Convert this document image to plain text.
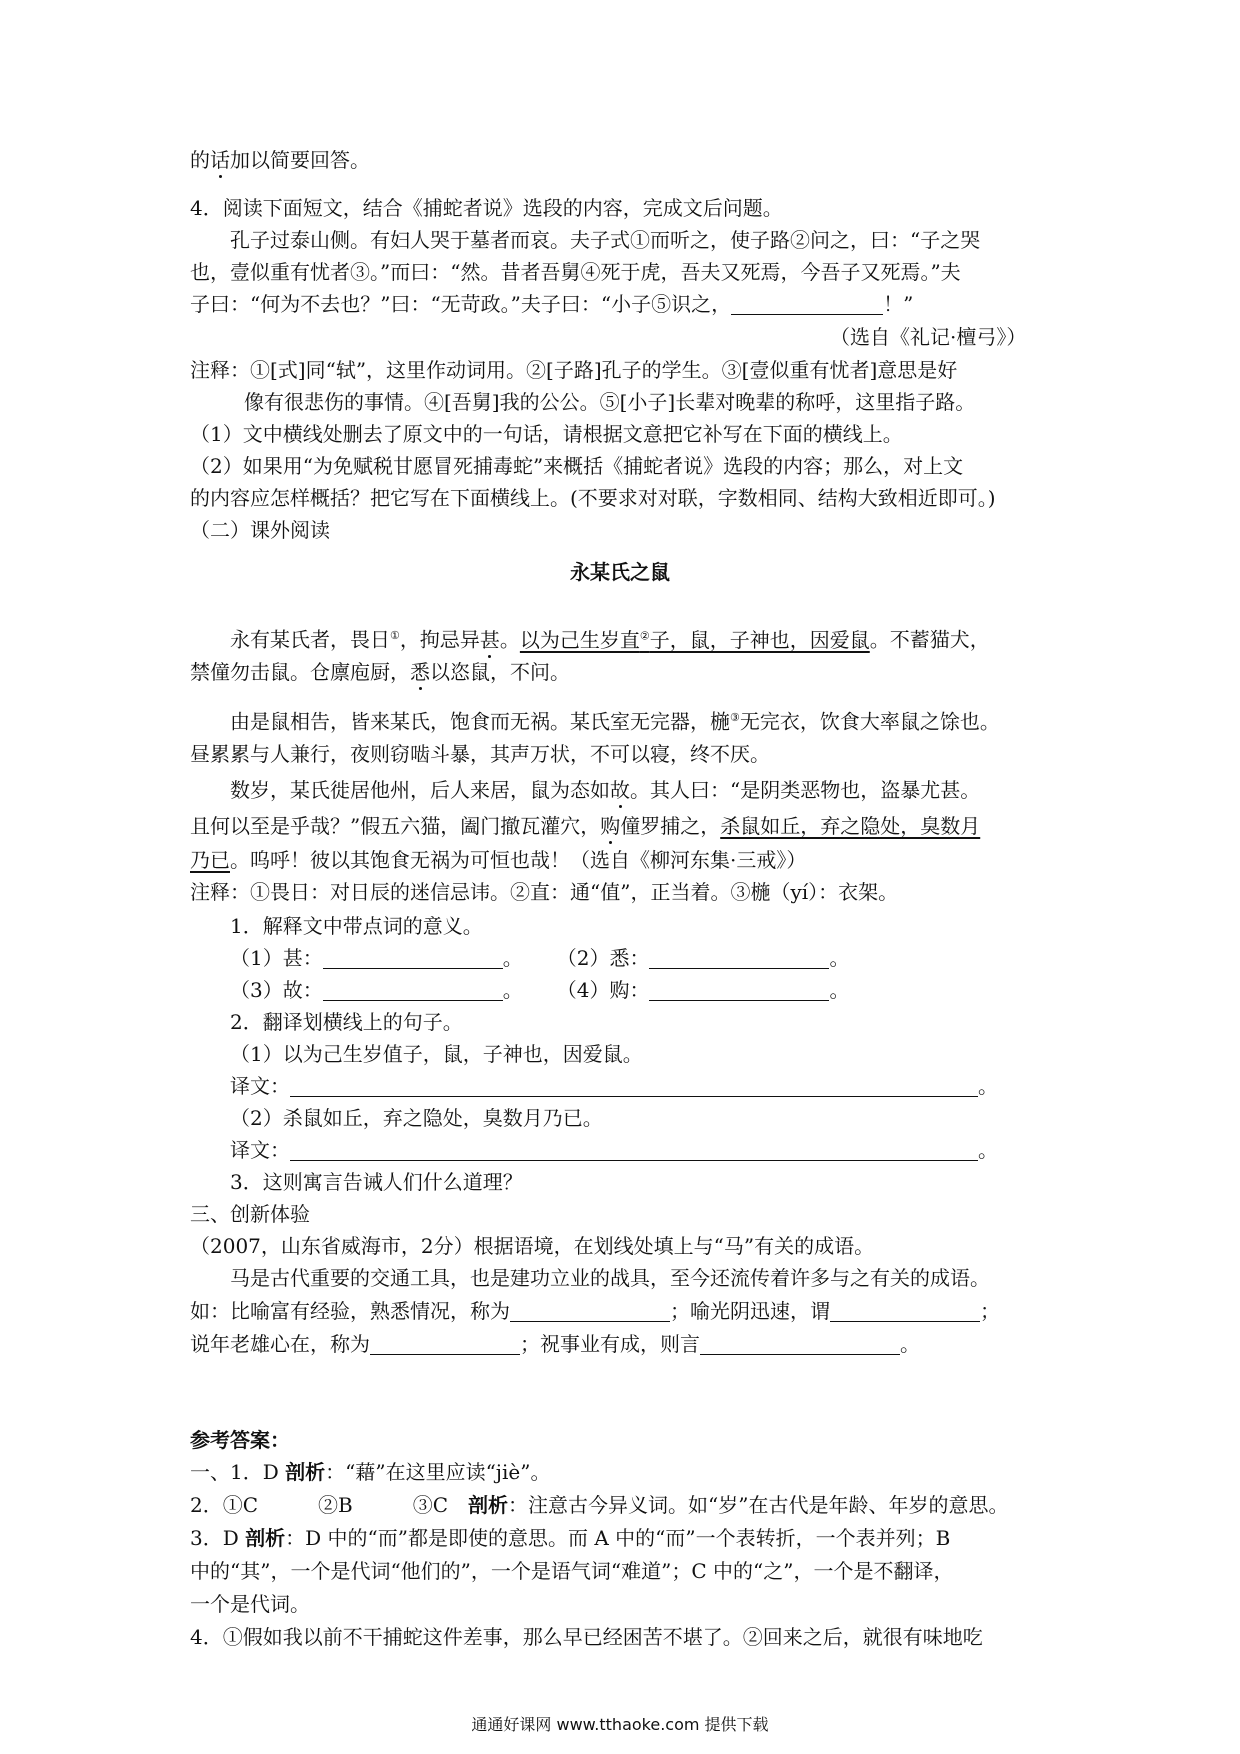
的话加以简要回答。
4．阅读下面短文，结合《捕蛇者说》选段的内容，完成文后问题。
孔子过泰山侧。有妇人哭于墓者而哀。夫子式①而听之，使子路②问之，曰：“子之哭
也，壹似重有忧者③。”而曰：“然。昔者吾舅④死于虎，吾夫又死焉，今吾子又死焉。”夫
子曰：“何为不去也？”曰：“无苛政。”夫子曰：“小子⑤识之，	！”
（选自《礼记·檀弓》）
注释：①[式]同“轼”，这里作动词用。②[子路]孔子的学生。③[壹似重有忧者]意思是好
像有很悲伤的事情。④[吾舅]我的公公。⑤[小子]长辈对晚辈的称呼，这里指子路。
（1）文中横线处删去了原文中的一句话，请根据文意把它补写在下面的横线上。
（2）如果用“为免赋税甘愿冒死捕毒蛇”来概括《捕蛇者说》选段的内容；那么，对上文
的内容应怎样概括？把它写在下面横线上。(不要求对对联，字数相同、结构大致相近即可。)
（二）课外阅读
永某氏之鼠
永有某氏者，畏日①，拘忌异甚。以为己生岁直②子，鼠，子神也，因爱鼠。不蓄猫犬，
禁僮勿击鼠。仓廪庖厨，悉以恣鼠，不问。
由是鼠相告，皆来某氏，饱食而无祸。某氏室无完器，椸③无完衣，饮食大率鼠之馀也。
昼累累与人兼行，夜则窃啮斗暴，其声万状，不可以寝，终不厌。
数岁，某氏徙居他州，后人来居，鼠为态如故。其人曰：“是阴类恶物也，盗暴尤甚。
且何以至是乎哉？”假五六猫，阖门撤瓦灌穴，购僮罗捕之，杀鼠如丘，弃之隐处，臭数月
乃已。呜呼！彼以其饱食无祸为可恒也哉！（选自《柳河东集·三戒》）
注释：①畏日：对日辰的迷信忌讳。②直：通“值”，正当着。③椸（yí）：衣架。
1．解释文中带点词的意义。
（1）甚：	。 （2）悉：	。
（3）故：	。 （4）购：	。
2．翻译划横线上的句子。
（1）以为己生岁值子，鼠，子神也，因爱鼠。
译文：	。
（2）杀鼠如丘，弃之隐处，臭数月乃已。
译文：	。
3．这则寓言告诫人们什么道理？
三、创新体验
（2007，山东省威海市，2分）根据语境，在划线处填上与“马”有关的成语。
马是古代重要的交通工具，也是建功立业的战具，至今还流传着许多与之有关的成语。
如：比喻富有经验，熟悉情况，称为	；喻光阴迅速，谓	；
说年老雄心在，称为	；祝事业有成，则言	。
参考答案：
一、1．D 剖析：“藉”在这里应读“jiè”。
2．①C　　　②B　　　③C　剖析：注意古今异义词。如“岁”在古代是年龄、年岁的意思。
3．D 剖析：D 中的“而”都是即使的意思。而 A 中的“而”一个表转折，一个表并列；B
中的“其”，一个是代词“他们的”，一个是语气词“难道”；C 中的“之”，一个是不翻译，
一个是代词。
4．①假如我以前不干捕蛇这件差事，那么早已经困苦不堪了。②回来之后，就很有味地吃
通通好课网 www.tthaoke.com 提供下载
